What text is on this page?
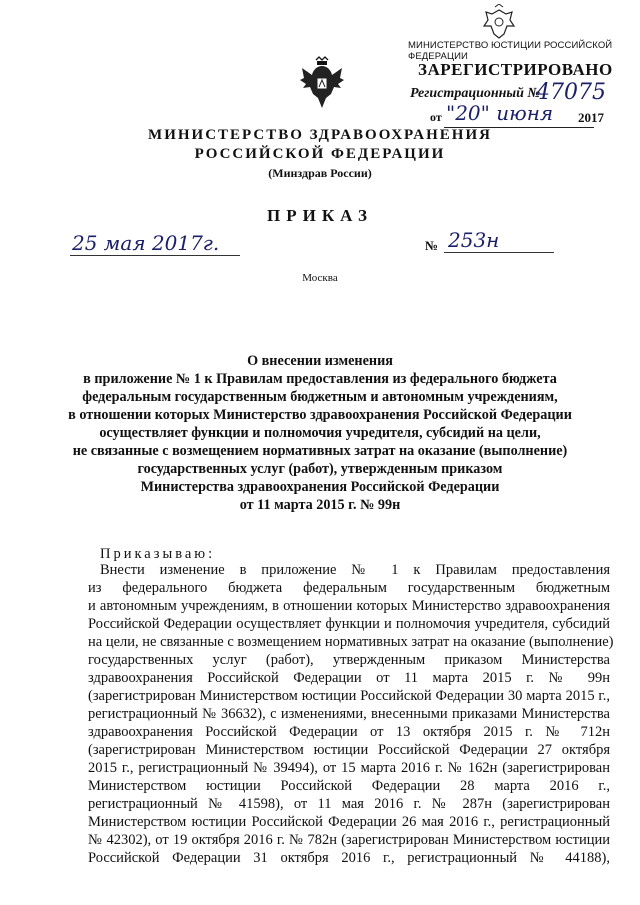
МИНИСТЕРСТВО ЮСТИЦИИ РОССИЙСКОЙ ФЕДЕРАЦИИ
ЗАРЕГИСТРИРОВАНО
Регистрационный №
47075
от "20" июня 2017
МИНИСТЕРСТВО ЗДРАВООХРАНЕНИЯ
РОССИЙСКОЙ ФЕДЕРАЦИИ
(Минздрав России)
ПРИКАЗ
25 мая 2017г.	№ 253н
Москва
О внесении изменения
в приложение № 1 к Правилам предоставления из федерального бюджета
федеральным государственным бюджетным и автономным учреждениям,
в отношении которых Министерство здравоохранения Российской Федерации
осуществляет функции и полномочия учредителя, субсидий на цели,
не связанные с возмещением нормативных затрат на оказание (выполнение)
государственных услуг (работ), утвержденным приказом
Министерства здравоохранения Российской Федерации
от 11 марта 2015 г. № 99н
Приказываю:
Внести изменение в приложение № 1 к Правилам предоставления
из федерального бюджета федеральным государственным бюджетным
и автономным учреждениям, в отношении которых Министерство здравоохранения
Российской Федерации осуществляет функции и полномочия учредителя, субсидий
на цели, не связанные с возмещением нормативных затрат на оказание (выполнение)
государственных услуг (работ), утвержденным приказом Министерства
здравоохранения Российской Федерации от 11 марта 2015 г. № 99н
(зарегистрирован Министерством юстиции Российской Федерации 30 марта 2015 г.,
регистрационный № 36632), с изменениями, внесенными приказами Министерства
здравоохранения Российской Федерации от 13 октября 2015 г. № 712н
(зарегистрирован Министерством юстиции Российской Федерации 27 октября
2015 г., регистрационный № 39494), от 15 марта 2016 г. № 162н (зарегистрирован
Министерством юстиции Российской Федерации 28 марта 2016 г.,
регистрационный № 41598), от 11 мая 2016 г. № 287н (зарегистрирован
Министерством юстиции Российской Федерации 26 мая 2016 г., регистрационный
№ 42302), от 19 октября 2016 г. № 782н (зарегистрирован Министерством юстиции
Российской Федерации 31 октября 2016 г., регистрационный № 44188),
